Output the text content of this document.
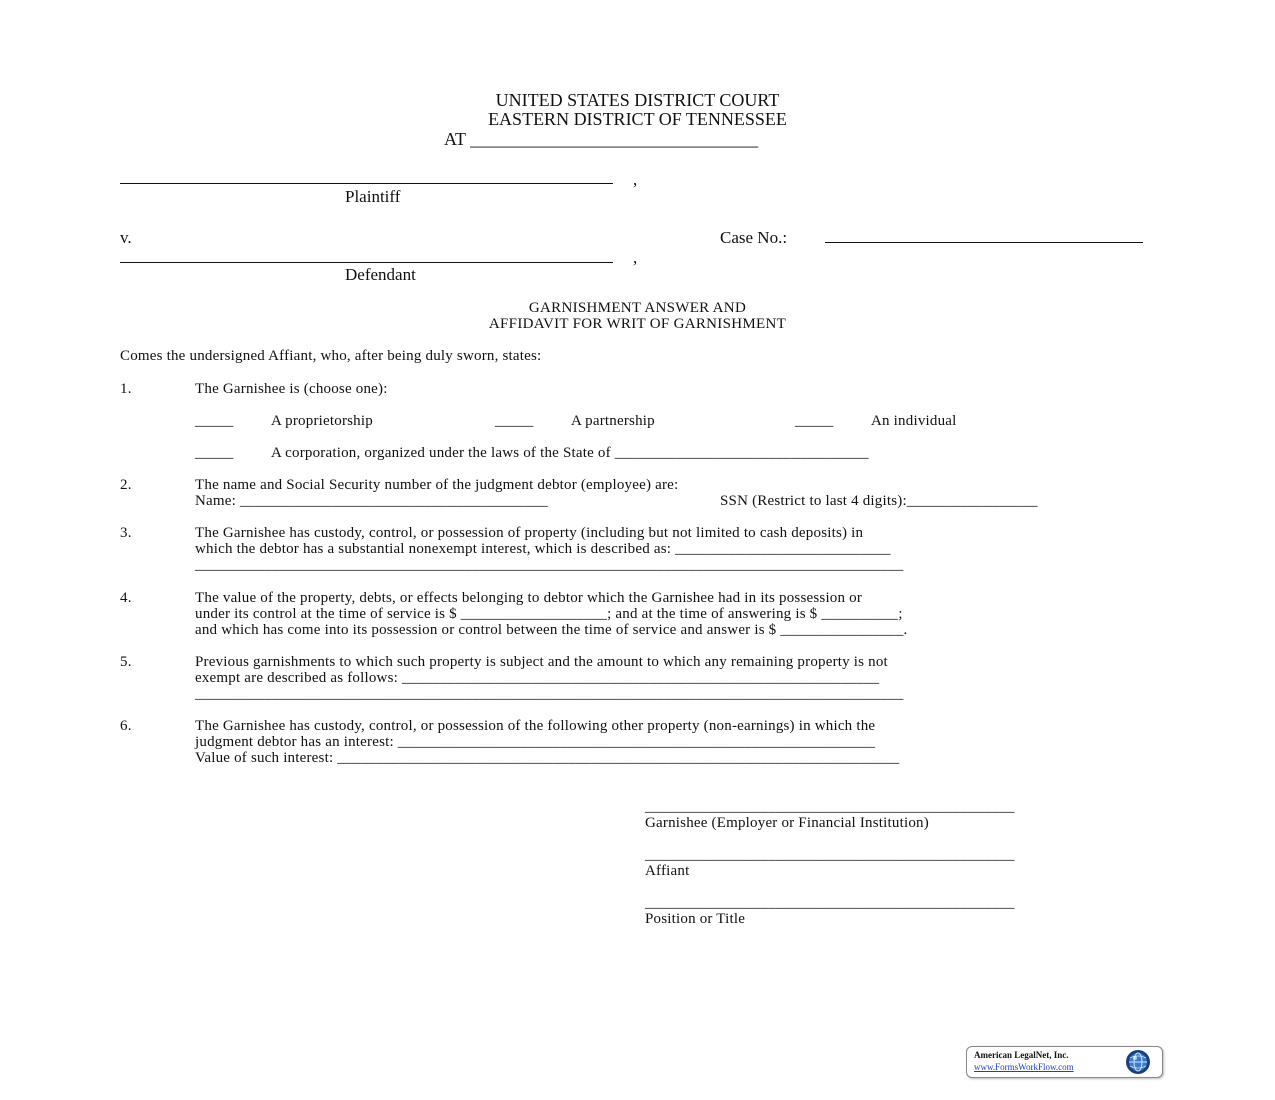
UNITED STATES DISTRICT COURT
EASTERN DISTRICT OF TENNESSEE
AT ________________________________
,
Plaintiff
v.	Case No.:
,
Defendant
GARNISHMENT ANSWER AND
AFFIDAVIT FOR WRIT OF GARNISHMENT
Comes the undersigned Affiant, who, after being duly sworn, states:
1.	The Garnishee is (choose one):
_____	A proprietorship	_____	A partnership	_____	An individual
_____	A corporation, organized under the laws of the State of _________________________________
2.	The name and Social Security number of the judgment debtor (employee) are:
Name: ________________________________________	SSN (Restrict to last 4 digits):_________________
3.	The Garnishee has custody, control, or possession of property (including but not limited to cash deposits) in
which the debtor has a substantial nonexempt interest, which is described as: ____________________________
____________________________________________________________________________________________
4.	The value of the property, debts, or effects belonging to debtor which the Garnishee had in its possession or
under its control at the time of service is $ ___________________; and at the time of answering is $ __________;
and which has come into its possession or control between the time of service and answer is $ ________________.
5.	Previous garnishments to which such property is subject and the amount to which any remaining property is not
exempt are described as follows: ______________________________________________________________
____________________________________________________________________________________________
6.	The Garnishee has custody, control, or possession of the following other property (non-earnings) in which the
judgment debtor has an interest: ______________________________________________________________
Value of such interest: _________________________________________________________________________
________________________________________________
Garnishee (Employer or Financial Institution)
________________________________________________
Affiant
________________________________________________
Position or Title
American LegalNet, Inc.
www.FormsWorkFlow.com
